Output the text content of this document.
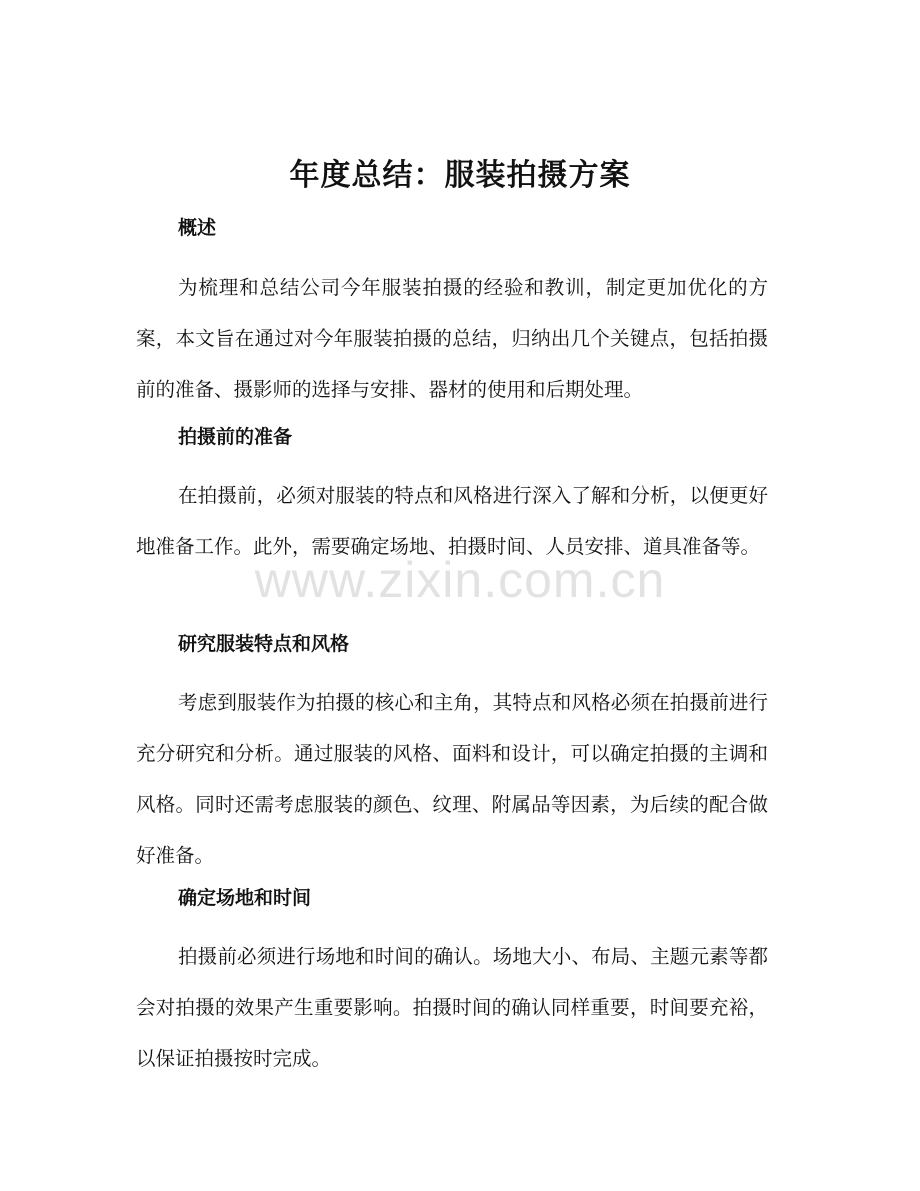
年度总结：服装拍摄方案
概述

为梳理和总结公司今年服装拍摄的经验和教训，制定更加优化的方案，本文旨在通过对今年服装拍摄的总结，归纳出几个关键点，包括拍摄前的准备、摄影师的选择与安排、器材的使用和后期处理。

拍摄前的准备

在拍摄前，必须对服装的特点和风格进行深入了解和分析，以便更好地准备工作。此外，需要确定场地、拍摄时间、人员安排、道具准备等。

研究服装特点和风格

考虑到服装作为拍摄的核心和主角，其特点和风格必须在拍摄前进行充分研究和分析。通过服装的风格、面料和设计，可以确定拍摄的主调和风格。同时还需考虑服装的颜色、纹理、附属品等因素，为后续的配合做好准备。

确定场地和时间

拍摄前必须进行场地和时间的确认。场地大小、布局、主题元素等都会对拍摄的效果产生重要影响。拍摄时间的确认同样重要，时间要充裕，以保证拍摄按时完成。

www.zixin.com.cn
